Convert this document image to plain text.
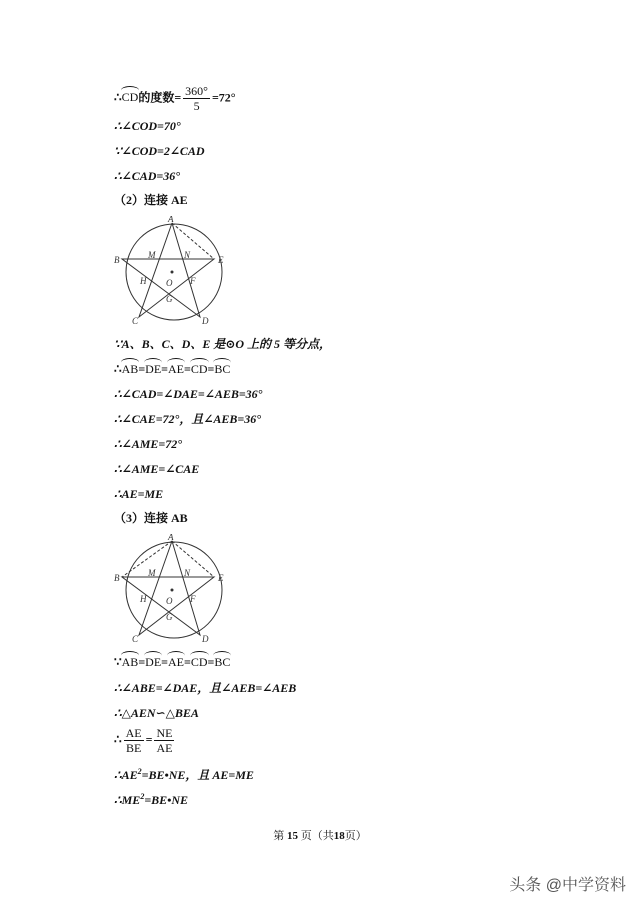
∴CD的度数= $\frac{360^\circ}{5} =72^\circ$
∴∠COD=70°
∵∠COD=2∠CAD
∴∠CAD=36°
（2）连接 AE
A
B	E
C	D
M	N
O
H	F
G
∵A、B、C、D、E 是⊙O 上的 5 等分点，
∴AB=DE=AE=CD=BC
∴∠CAD=∠DAE=∠AEB=36°
∴∠CAE=72°，且∠AEB=36°
∴∠AME=72°
∴∠AME=∠CAE
∴AE=ME
（3）连接 AB
A
B	E
C	D
M	N
O
H	F
G
∵AB=DE=AE=CD=BC
∴∠ABE=∠DAE，且∠AEB=∠AEB
∴△AEN∽△BEA
∴ $\frac{AE}{BE} = \frac{NE}{AE}$
$\therefore AE^2=BE•NE$，且 AE=ME
$\therefore ME^2=BE•NE$
第 15 页（共18页）
头条 @中学资料
